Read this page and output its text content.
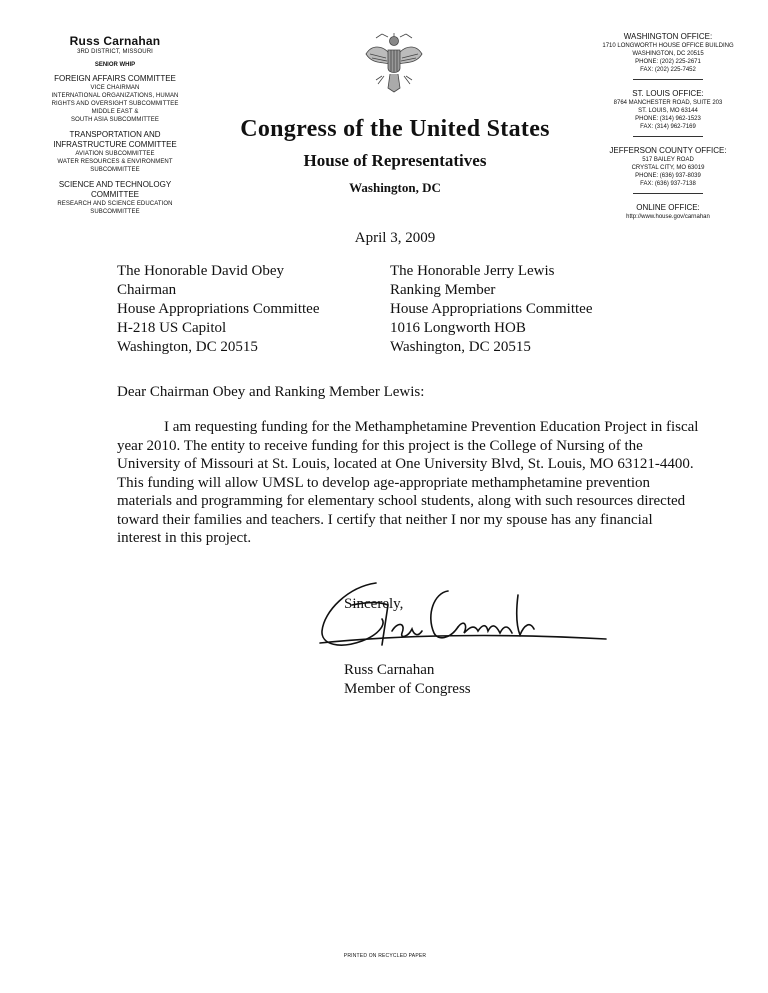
Russ Carnahan
3RD DISTRICT, MISSOURI
SENIOR WHIP
FOREIGN AFFAIRS COMMITTEE
VICE CHAIRMAN
INTERNATIONAL ORGANIZATIONS, HUMAN
RIGHTS AND OVERSIGHT SUBCOMMITTEE
MIDDLE EAST &
SOUTH ASIA SUBCOMMITTEE
TRANSPORTATION AND INFRASTRUCTURE COMMITTEE
AVIATION SUBCOMMITTEE
WATER RESOURCES & ENVIRONMENT
SUBCOMMITTEE
SCIENCE AND TECHNOLOGY COMMITTEE
RESEARCH AND SCIENCE EDUCATION
SUBCOMMITTEE
Congress of the United States
House of Representatives
Washington, DC
WASHINGTON OFFICE:
1710 LONGWORTH HOUSE OFFICE BUILDING
WASHINGTON, DC 20515
PHONE: (202) 225-2671
FAX: (202) 225-7452
ST. LOUIS OFFICE:
8764 MANCHESTER ROAD, SUITE 203
ST. LOUIS, MO 63144
PHONE: (314) 962-1523
FAX: (314) 962-7169
JEFFERSON COUNTY OFFICE:
517 BAILEY ROAD
CRYSTAL CITY, MO 63019
PHONE: (636) 937-8039
FAX: (636) 937-7138
ONLINE OFFICE:
http://www.house.gov/carnahan
April 3, 2009
The Honorable David Obey
Chairman
House Appropriations Committee
H-218 US Capitol
Washington, DC 20515
The Honorable Jerry Lewis
Ranking Member
House Appropriations Committee
1016 Longworth HOB
Washington, DC 20515
Dear Chairman Obey and Ranking Member Lewis:
I am requesting funding for the Methamphetamine Prevention Education Project in fiscal year 2010. The entity to receive funding for this project is the College of Nursing of the University of Missouri at St. Louis, located at One University Blvd, St. Louis, MO 63121-4400. This funding will allow UMSL to develop age-appropriate methamphetamine prevention materials and programming for elementary school students, along with such resources directed toward their families and teachers. I certify that neither I nor my spouse has any financial interest in this project.
Sincerely,
Russ Carnahan
Member of Congress
PRINTED ON RECYCLED PAPER
